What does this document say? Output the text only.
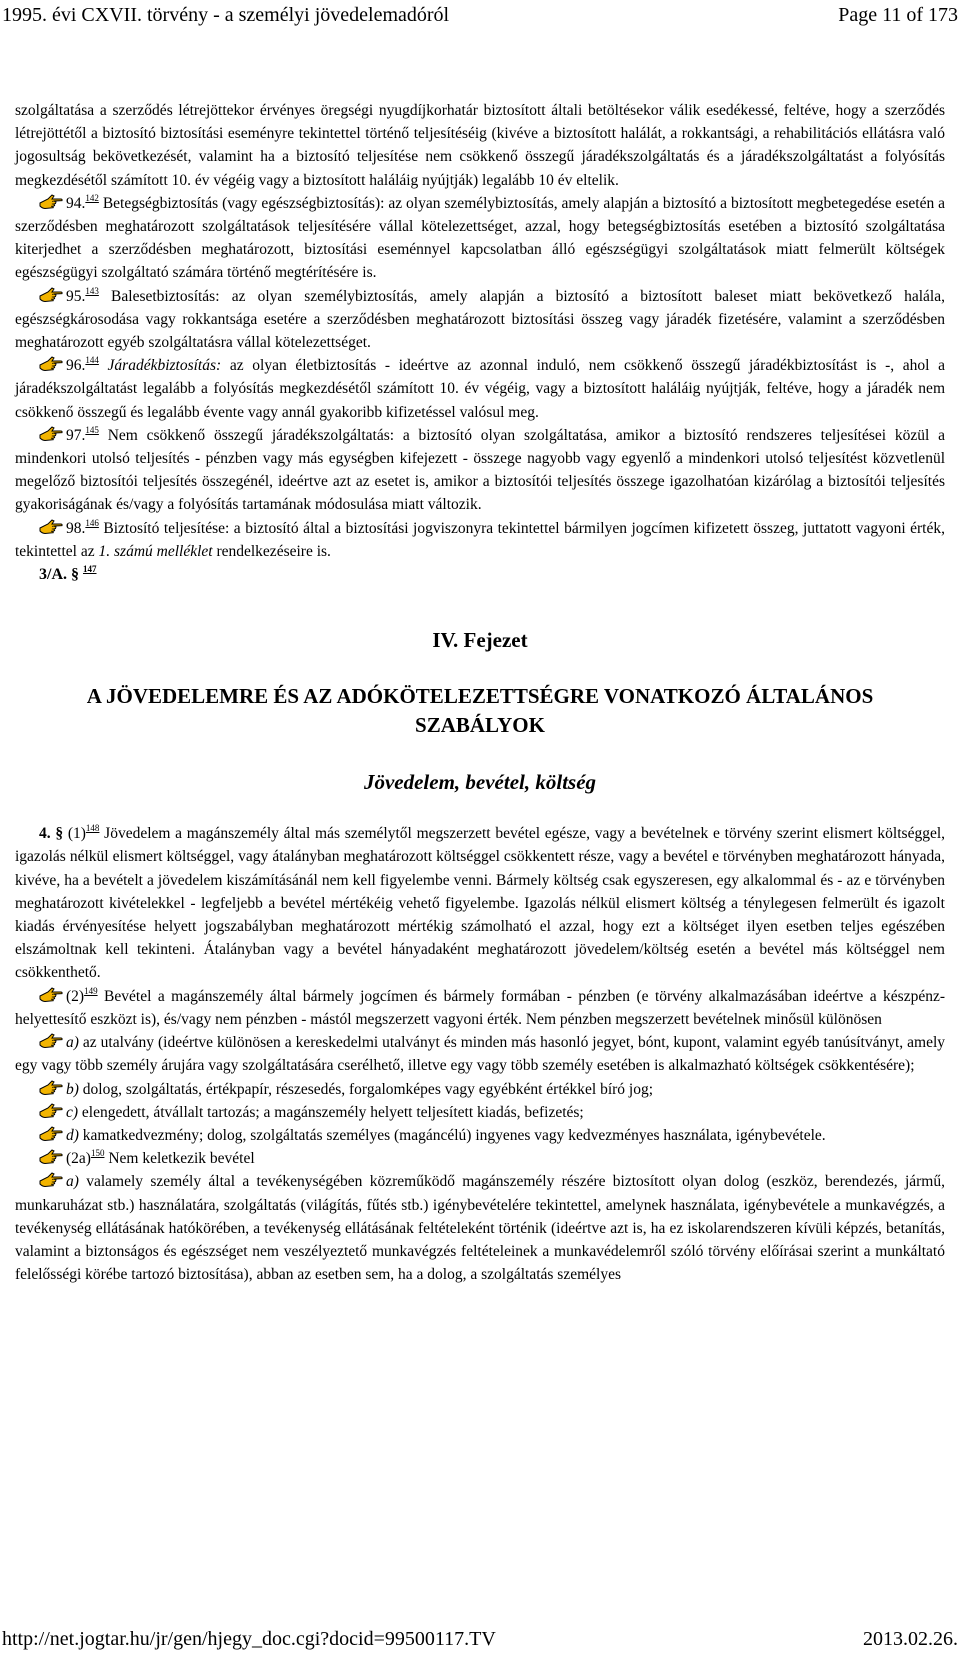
1995. évi CXVII. törvény - a személyi jövedelemadóról	Page 11 of 173

szolgáltatása a szerződés létrejöttekor érvényes öregségi nyugdíjkorhatár biztosított általi betöltésekor válik esedékessé, feltéve, hogy a szerződés létrejöttétől a biztosító biztosítási eseményre tekintettel történő teljesítéséig (kivéve a biztosított halálát, a rokkantsági, a rehabilitációs ellátásra való jogosultság bekövetkezését, valamint ha a biztosító teljesítése nem csökkenő összegű járadékszolgáltatás és a járadékszolgáltatást a folyósítás megkezdésétől számított 10. év végéig vagy a biztosított haláláig nyújtják) legalább 10 év eltelik.

94.$^{142}$ Betegségbiztosítás (vagy egészségbiztosítás): az olyan személybiztosítás, amely alapján a biztosító a biztosított megbetegedése esetén a szerződésben meghatározott szolgáltatások teljesítésére vállal kötelezettséget, azzal, hogy betegségbiztosítás esetében a biztosító szolgáltatása kiterjedhet a szerződésben meghatározott, biztosítási eseménnyel kapcsolatban álló egészségügyi szolgáltatások miatt felmerült költségek egészségügyi szolgáltató számára történő megtérítésére is.

95.$^{143}$ Balesetbiztosítás: az olyan személybiztosítás, amely alapján a biztosító a biztosított baleset miatt bekövetkező halála, egészségkárosodása vagy rokkantsága esetére a szerződésben meghatározott biztosítási összeg vagy járadék fizetésére, valamint a szerződésben meghatározott egyéb szolgáltatásra vállal kötelezettséget.

96.$^{144}$ Járadékbiztosítás: az olyan életbiztosítás - ideértve az azonnal induló, nem csökkenő összegű járadékbiztosítást is -, ahol a járadékszolgáltatást legalább a folyósítás megkezdésétől számított 10. év végéig, vagy a biztosított haláláig nyújtják, feltéve, hogy a járadék nem csökkenő összegű és legalább évente vagy annál gyakoribb kifizetéssel valósul meg.

97.$^{145}$ Nem csökkenő összegű járadékszolgáltatás: a biztosító olyan szolgáltatása, amikor a biztosító rendszeres teljesítései közül a mindenkori utolsó teljesítés - pénzben vagy más egységben kifejezett - összege nagyobb vagy egyenlő a mindenkori utolsó teljesítést közvetlenül megelőző biztosítói teljesítés összegénél, ideértve azt az esetet is, amikor a biztosítói teljesítés összege igazolhatóan kizárólag a biztosítói teljesítés gyakoriságának és/vagy a folyósítás tartamának módosulása miatt változik.

98.$^{146}$ Biztosító teljesítése: a biztosító által a biztosítási jogviszonyra tekintettel bármilyen jogcímen kifizetett összeg, juttatott vagyoni érték, tekintettel az 1. számú melléklet rendelkezéseire is.

3/A. § $^{147}$

IV. Fejezet
A JÖVEDELEMRE ÉS AZ ADÓKÖTELEZETTSÉGRE VONATKOZÓ ÁLTALÁNOS
SZABÁLYOK
Jövedelem, bevétel, költség

4. § (1)$^{148}$ Jövedelem a magánszemély által más személytől megszerzett bevétel egésze, vagy a bevételnek e törvény szerint elismert költséggel, igazolás nélkül elismert költséggel, vagy átalányban meghatározott költséggel csökkentett része, vagy a bevétel e törvényben meghatározott hányada, kivéve, ha a bevételt a jövedelem kiszámításánál nem kell figyelembe venni. Bármely költség csak egyszeresen, egy alkalommal és - az e törvényben meghatározott kivételekkel - legfeljebb a bevétel mértékéig vehető figyelembe. Igazolás nélkül elismert költség a ténylegesen felmerült és igazolt kiadás érvényesítése helyett jogszabályban meghatározott mértékig számolható el azzal, hogy ezt a költséget ilyen esetben teljes egészében elszámoltnak kell tekinteni. Átalányban vagy a bevétel hányadaként meghatározott jövedelem/költség esetén a bevétel más költséggel nem csökkenthető.

(2)$^{149}$ Bevétel a magánszemély által bármely jogcímen és bármely formában - pénzben (e törvény alkalmazásában ideértve a készpénz-helyettesítő eszközt is), és/vagy nem pénzben - mástól megszerzett vagyoni érték. Nem pénzben megszerzett bevételnek minősül különösen

a) az utalvány (ideértve különösen a kereskedelmi utalványt és minden más hasonló jegyet, bónt, kupont, valamint egyéb tanúsítványt, amely egy vagy több személy árujára vagy szolgáltatására cserélhető, illetve egy vagy több személy esetében is alkalmazható költségek csökkentésére);

b) dolog, szolgáltatás, értékpapír, részesedés, forgalomképes vagy egyébként értékkel bíró jog;

c) elengedett, átvállalt tartozás; a magánszemély helyett teljesített kiadás, befizetés;

d) kamatkedvezmény; dolog, szolgáltatás személyes (magáncélú) ingyenes vagy kedvezményes használata, igénybevétele.

(2a)$^{150}$ Nem keletkezik bevétel

a) valamely személy által a tevékenységében közreműködő magánszemély részére biztosított olyan dolog (eszköz, berendezés, jármű, munkaruházat stb.) használatára, szolgáltatás (világítás, fűtés stb.) igénybevételére tekintettel, amelynek használata, igénybevétele a munkavégzés, a tevékenység ellátásának hatókörében, a tevékenység ellátásának feltételeként történik (ideértve azt is, ha ez iskolarendszeren kívüli képzés, betanítás, valamint a biztonságos és egészséget nem veszélyeztető munkavégzés feltételeinek a munkavédelemről szóló törvény előírásai szerint a munkáltató felelősségi körébe tartozó biztosítása), abban az esetben sem, ha a dolog, a szolgáltatás személyes

http://net.jogtar.hu/jr/gen/hjegy_doc.cgi?docid=99500117.TV	2013.02.26.
